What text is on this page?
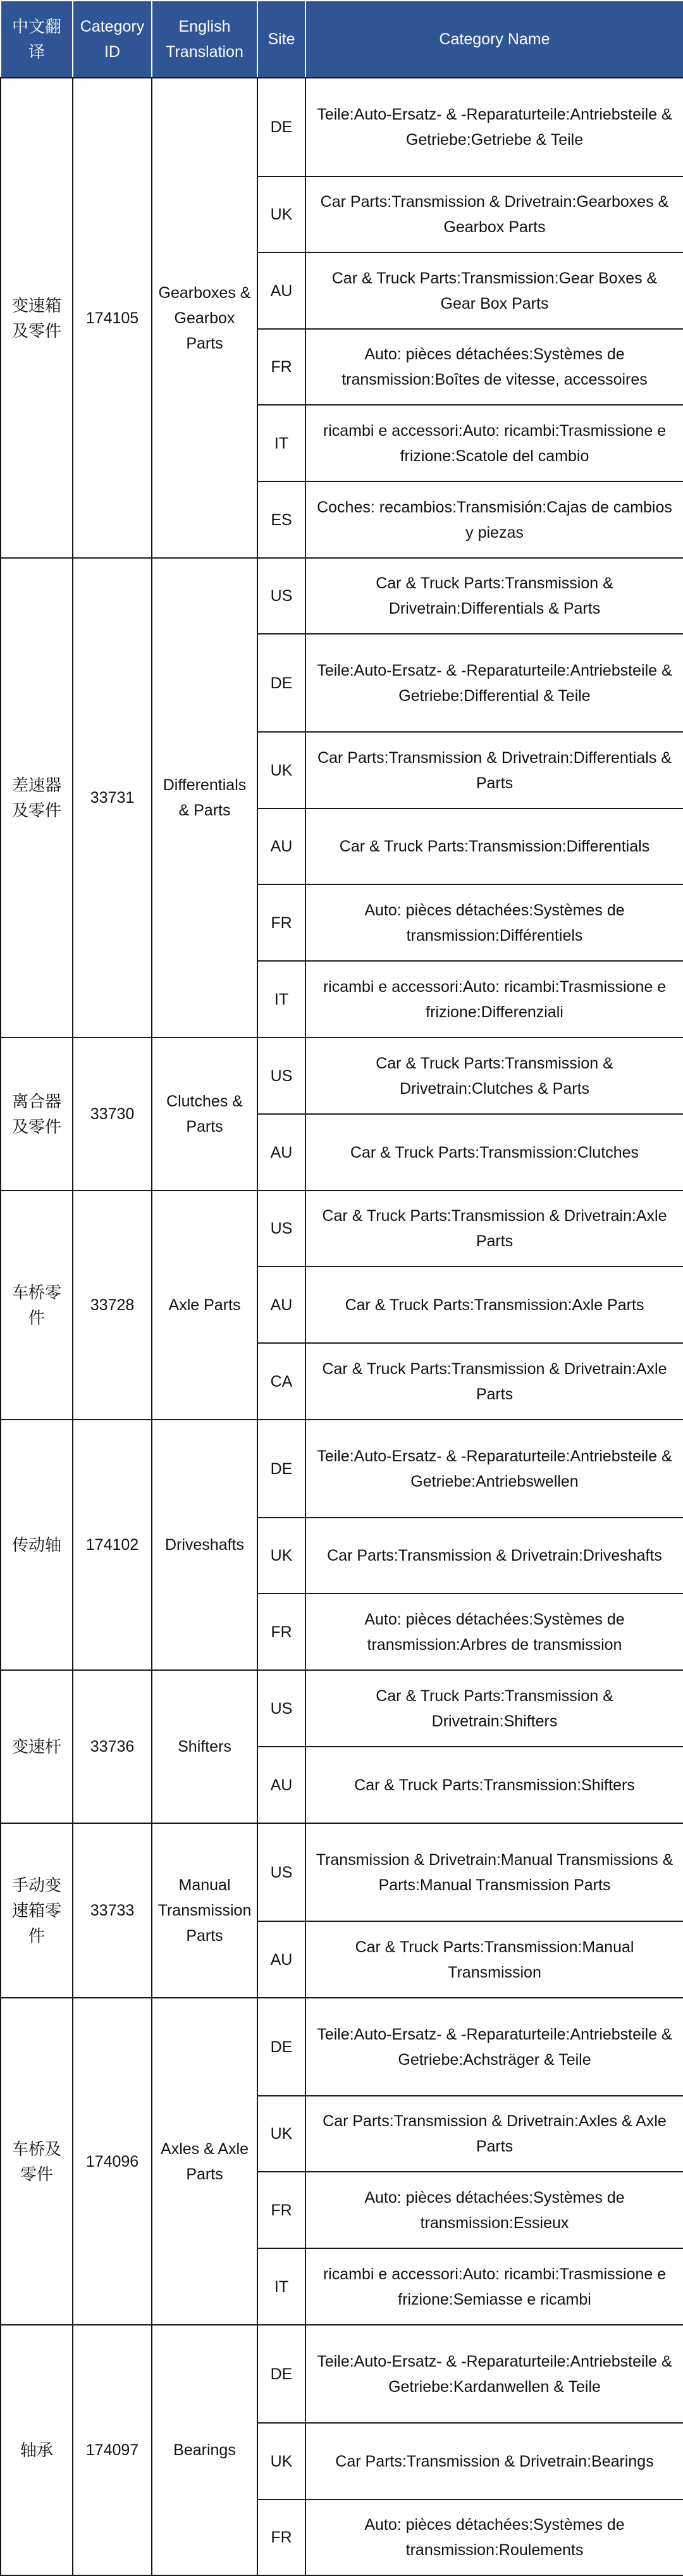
中文翻译	Category ID	English Translation	Site	Category Name
变速箱及零件	174105	Gearboxes & Gearbox Parts	DE	Teile:Auto-Ersatz- & -Reparaturteile:Antriebsteile & Getriebe:Getriebe & Teile
			UK	Car Parts:Transmission & Drivetrain:Gearboxes & Gearbox Parts
			AU	Car & Truck Parts:Transmission:Gear Boxes & Gear Box Parts
			FR	Auto: pièces détachées:Systèmes de transmission:Boîtes de vitesse, accessoires
			IT	ricambi e accessori:Auto: ricambi:Trasmissione e frizione:Scatole del cambio
			ES	Coches: recambios:Transmisión:Cajas de cambios y piezas
差速器及零件	33731	Differentials & Parts	US	Car & Truck Parts:Transmission & Drivetrain:Differentials & Parts
			DE	Teile:Auto-Ersatz- & -Reparaturteile:Antriebsteile & Getriebe:Differential & Teile
			UK	Car Parts:Transmission & Drivetrain:Differentials & Parts
			AU	Car & Truck Parts:Transmission:Differentials
			FR	Auto: pièces détachées:Systèmes de transmission:Différentiels
			IT	ricambi e accessori:Auto: ricambi:Trasmissione e frizione:Differenziali
离合器及零件	33730	Clutches & Parts	US	Car & Truck Parts:Transmission & Drivetrain:Clutches & Parts
			AU	Car & Truck Parts:Transmission:Clutches
车桥零件	33728	Axle Parts	US	Car & Truck Parts:Transmission & Drivetrain:Axle Parts
			AU	Car & Truck Parts:Transmission:Axle Parts
			CA	Car & Truck Parts:Transmission & Drivetrain:Axle Parts
传动轴	174102	Driveshafts	DE	Teile:Auto-Ersatz- & -Reparaturteile:Antriebsteile & Getriebe:Antriebswellen
			UK	Car Parts:Transmission & Drivetrain:Driveshafts
			FR	Auto: pièces détachées:Systèmes de transmission:Arbres de transmission
变速杆	33736	Shifters	US	Car & Truck Parts:Transmission & Drivetrain:Shifters
			AU	Car & Truck Parts:Transmission:Shifters
手动变速箱零件	33733	Manual Transmission Parts	US	Transmission & Drivetrain:Manual Transmissions & Parts:Manual Transmission Parts
			AU	Car & Truck Parts:Transmission:Manual Transmission
车桥及零件	174096	Axles & Axle Parts	DE	Teile:Auto-Ersatz- & -Reparaturteile:Antriebsteile & Getriebe:Achsträger & Teile
			UK	Car Parts:Transmission & Drivetrain:Axles & Axle Parts
			FR	Auto: pièces détachées:Systèmes de transmission:Essieux
			IT	ricambi e accessori:Auto: ricambi:Trasmissione e frizione:Semiasse e ricambi
轴承	174097	Bearings	DE	Teile:Auto-Ersatz- & -Reparaturteile:Antriebsteile & Getriebe:Kardanwellen & Teile
			UK	Car Parts:Transmission & Drivetrain:Bearings
			FR	Auto: pièces détachées:Systèmes de transmission:Roulements
